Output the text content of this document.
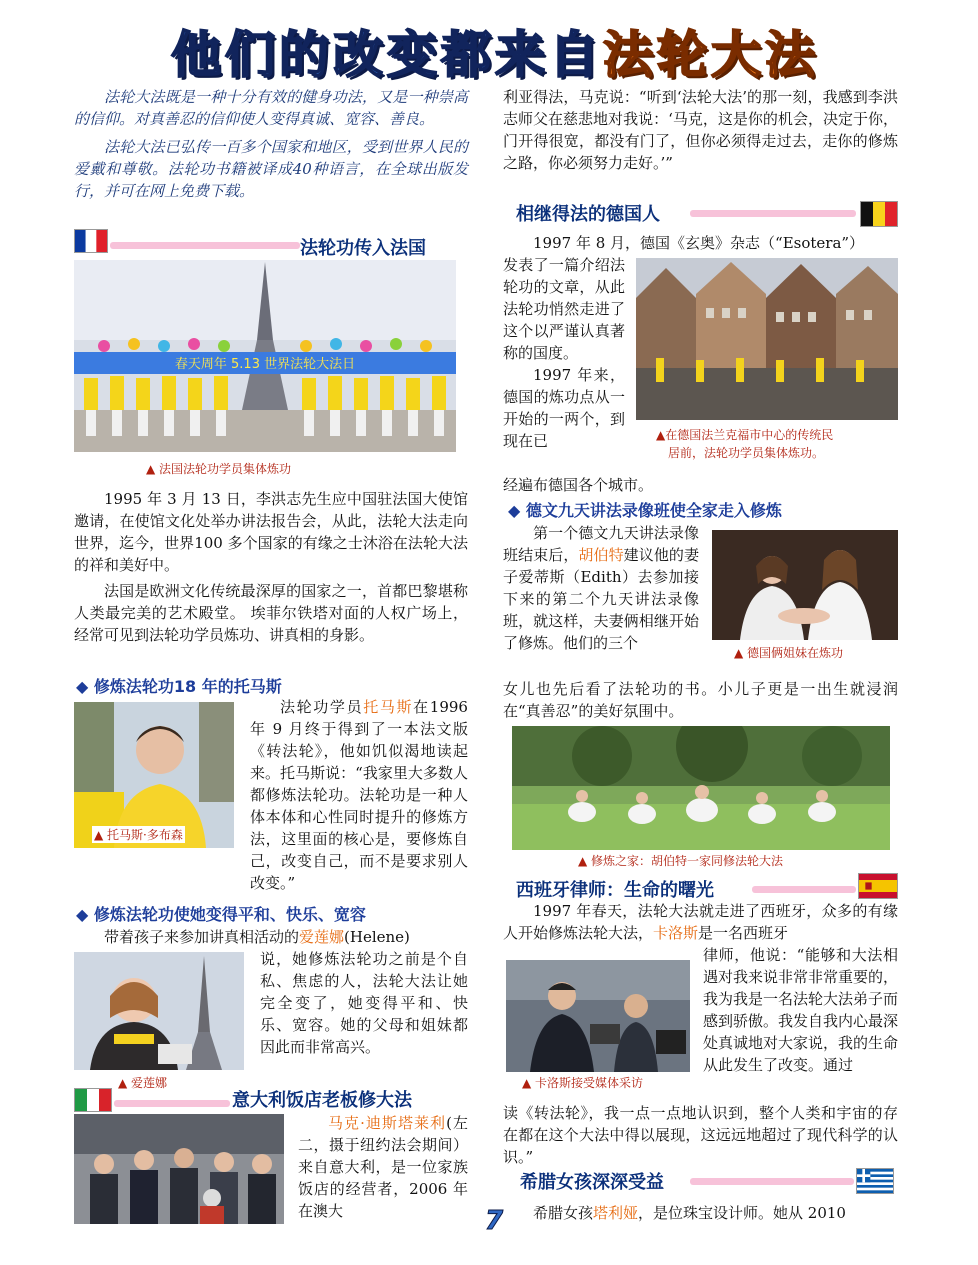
他们的改变都来自法轮大法

法轮大法既是一种十分有效的健身功法，又是一种崇高的信仰。对真善忍的信仰使人变得真诚、宽容、善良。

法轮大法已弘传一百多个国家和地区，受到世界人民的爱戴和尊敬。法轮功书籍被译成40种语言，在全球出版发行，并可在网上免费下载。

法轮功传入法国
春天周年 5.13 世界法轮大法日
▲ 法国法轮功学员集体炼功

1995 年 3 月 13 日，李洪志先生应中国驻法国大使馆邀请，在使馆文化处举办讲法报告会，从此，法轮大法走向世界，迄今，世界100 多个国家的有缘之士沐浴在法轮大法的祥和美好中。

法国是欧洲文化传统最深厚的国家之一，首都巴黎堪称人类最完美的艺术殿堂。 埃菲尔铁塔对面的人权广场上，经常可见到法轮功学员炼功、讲真相的身影。

◆ 修炼法轮功18 年的托马斯
▲ 托马斯·多布森

法轮功学员托马斯在1996 年 9 月终于得到了一本法文版《转法轮》，他如饥似渴地读起来。托马斯说：“我家里大多数人都修炼法轮功。法轮功是一种人体本体和心性同时提升的修炼方法，这里面的核心是，要修炼自己，改变自己，而不是要求别人改变。”

◆ 修炼法轮功使她变得平和、快乐、宽容

带着孩子来参加讲真相活动的爱莲娜(Helene)

▲ 爱莲娜

说，她修炼法轮功之前是个自私、焦虑的人，法轮大法让她完全变了，她变得平和、快乐、宽容。她的父母和姐妹都因此而非常高兴。

意大利饭店老板修大法

马克·迪斯塔莱利(左二，摄于纽约法会期间）来自意大利，是一位家族饭店的经营者，2006 年在澳大

利亚得法，马克说：“听到‘法轮大法’的那一刻，我感到李洪志师父在慈悲地对我说：‘马克，这是你的机会，决定于你，门开得很宽，都没有门了，但你必须得走过去，走你的修炼之路，你必须努力走好。’”

相继得法的德国人

1997 年 8 月，德国《玄奥》杂志（“Esotera”）

发表了一篇介绍法轮功的文章，从此法轮功悄然走进了这个以严谨认真著称的国度。

1997 年来，德国的炼功点从一开始的一两个，到现在已

经遍布德国各个城市。

▲在德国法兰克福市中心的传统民
居前，法轮功学员集体炼功。
◆ 德文九天讲法录像班使全家走入修炼

第一个德文九天讲法录像班结束后，胡伯特建议他的妻子爱蒂斯（Edith）去参加接下来的第二个九天讲法录像班，就这样，夫妻俩相继开始了修炼。他们的三个

女儿也先后看了法轮功的书。小儿子更是一出生就浸润在“真善忍”的美好氛围中。

▲ 德国俩姐妹在炼功
▲ 修炼之家：胡伯特一家同修法轮大法
西班牙律师：生命的曙光

1997 年春天，法轮大法就走进了西班牙，众多的有缘人开始修炼法轮大法，卡洛斯是一名西班牙

律师，他说：“能够和大法相遇对我来说非常非常重要的，我为我是一名法轮大法弟子而感到骄傲。我发自我内心最深处真诚地对大家说，我的生命从此发生了改变。通过

读《转法轮》，我一点一点地认识到，整个人类和宇宙的存在都在这个大法中得以展现，这远远地超过了现代科学的认识。”

▲ 卡洛斯接受媒体采访
希腊女孩深深受益

希腊女孩塔利娅，是位珠宝设计师。她从 2010

7
